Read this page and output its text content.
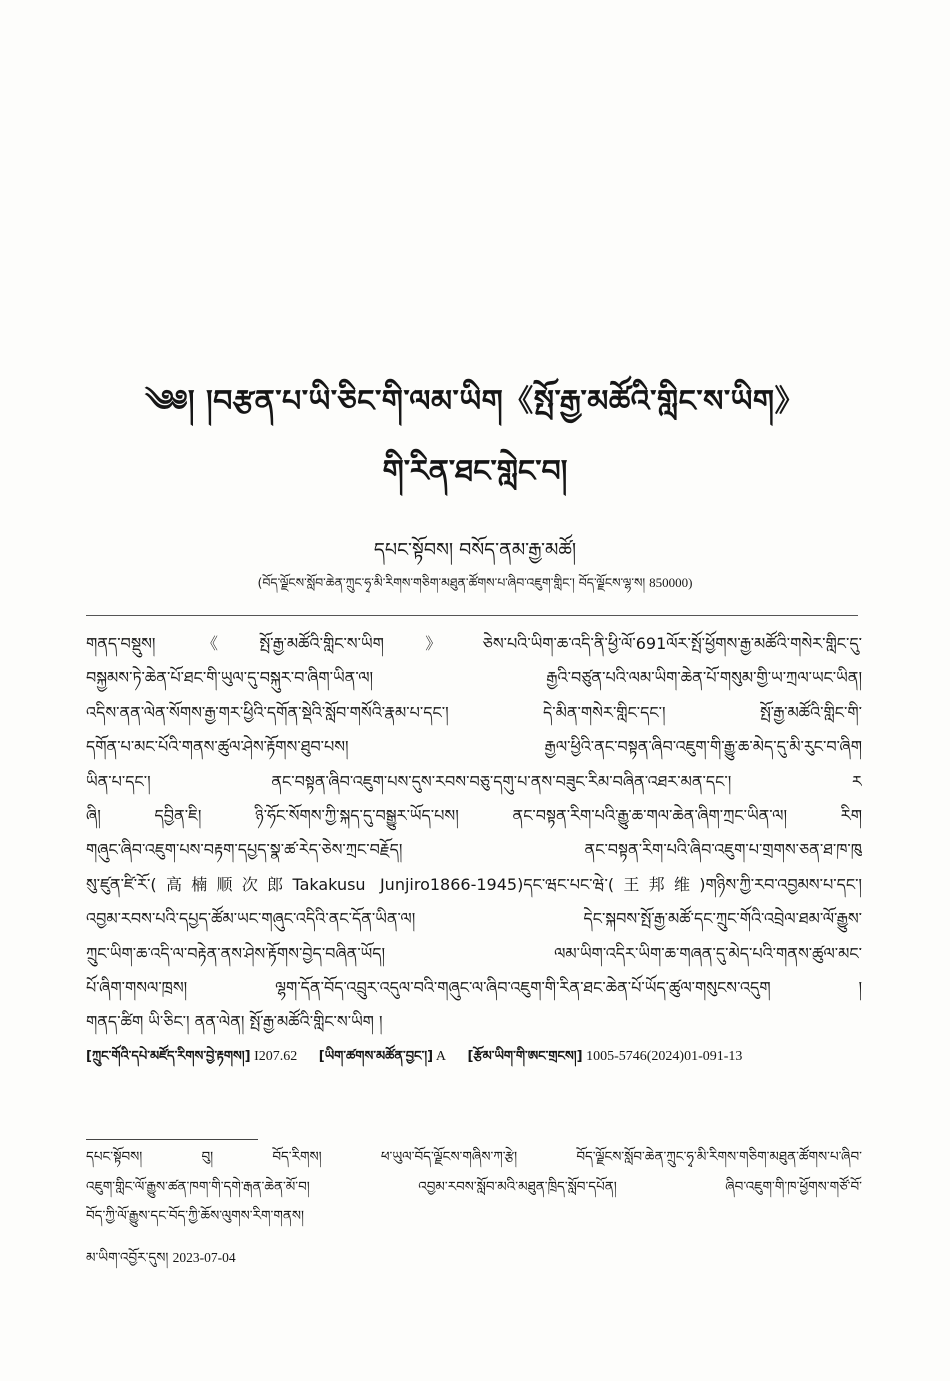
༄༅། །བརྩན་པ་ཡི་ཅིང་གི་ལམ་ཡིག《སྤོ་རྒྱ་མཚོའི་གླིང་ས་ཡིག》
གི་རིན་ཐང་གླེང་བ།
དཔང་སྟོབས། བསོད་ནམ་རྒྱ་མཚོ།
(བོད་ལྗོངས་སློབ་ཆེན་ཀྲུང་ཧྭ་མི་རིགས་གཅིག་མཐུན་ཚོགས་པ་ཞིབ་འཇུག་གླིང་། བོད་ལྗོངས་ལྷ་ས། 850000)
གནད་བསྡུས། 《སྤོ་རྒྱ་མཚོའི་གླིང་ས་ཡིག》ཅེས་པའི་ཡིག་ཆ་འདི་ནི་ཕྱི་ལོ་691ལོར་སྤོ་ཕྱོགས་རྒྱ་མཚོའི་གསེར་གླིང་དུ་
བསྐྱམས་ཏེ་ཆེན་པོ་ཐང་གི་ཡུལ་དུ་བསྐུར་བ་ཞིག་ཡིན་ལ། རྒྱའི་བཙུན་པའི་ལམ་ཡིག་ཆེན་པོ་གསུམ་གྱི་ཡ་ཀྲལ་ཡང་ཡིན།
འདིས་ནན་ལེན་སོགས་རྒྱ་གར་ཕྱིའི་དགོན་སྡེའི་སློབ་གསོའི་རྣམ་པ་དང་། དེ་མིན་གསེར་གླིང་དང་། སྤོ་རྒྱ་མཚོའི་གླིང་གི་
དགོན་པ་མང་པོའི་གནས་ཚུལ་ཤེས་རྟོགས་ཐུབ་པས། རྒྱལ་ཕྱིའི་ནང་བསྟན་ཞིབ་འཇུག་གི་རྒྱུ་ཆ་མེད་དུ་མི་རུང་བ་ཞིག
ཡིན་པ་དང་། ནང་བསྟན་ཞིབ་འཇུག་པས་དུས་རབས་བཅུ་དགུ་པ་ནས་བཟུང་རིམ་བཞིན་འཐར་མན་དང་། ར
ཞི། དབྱིན་ཇི། ཉི་ཧོང་སོགས་ཀྱི་སྐད་དུ་བསྒྱུར་ཡོད་པས། ནང་བསྟན་རིག་པའི་རྒྱུ་ཆ་གལ་ཆེན་ཞིག་ཀྲང་ཡིན་ལ། རིག
གཞུང་ཞིབ་འཇུག་པས་བརྟག་དཔྱད་སྣ་ཚ་རེད་ཅེས་ཀྲང་བརྗོད། ནང་བསྟན་རིག་པའི་ཞིབ་འཇུག་པ་གྲགས་ཅན་ཐ་ཁ་ཁུ
སུ་ཛུན་ཛི་རོ་(高楠顺次郎Takakusu Junjiro1866-1945)དང་ཝང་པང་ཝེ་(王邦维)གཉིས་ཀྱི་རབ་འབྱམས་པ་དང་།
འབྱམ་རབས་པའི་དཔྱད་ཚོམ་ཡང་གཞུང་འདིའི་ནང་དོན་ཡིན་ལ། དེང་སྐབས་སྤོ་རྒྱ་མཚོ་དང་ཀྲུང་གོའི་འབྲེལ་ཐམ་ལོ་རྒྱུས་
ཀྲུང་ཡིག་ཆ་འདི་ལ་བརྟེན་ནས་ཤེས་རྟོགས་བྱེད་བཞིན་ཡོད། ལམ་ཡིག་འདིར་ཡིག་ཆ་གཞན་དུ་མེད་པའི་གནས་ཚུལ་མང་
པོ་ཞིག་གསལ་ཁྲས། ལྷག་དོན་བོད་འབྲུར་འདུལ་བའི་གཞུང་ལ་ཞིབ་འཇུག་གི་རིན་ཐང་ཆེན་པོ་ཡོད་ཚུལ་གསུངས་འདུག །
གནད་ཚིག ཡི་ཅིང་། ནན་ལེན། སྤོ་རྒྱ་མཚོའི་གླིང་ས་ཡིག །
[ཀྲུང་གོའི་དཔེ་མཛོད་རིགས་བྱེ་རྟགས།] I207.62 [ཡིག་ཚགས་མཚོན་བྱང་།] A [རྩོམ་ཡིག་གི་ཨང་གྲངས།] 1005-5746(2024)01-091-13
དཔང་སྟོབས། བུ། བོད་རིགས། ཕ་ཡུལ་བོད་ལྗོངས་གཞིས་ཀ་རྩེ། བོད་ལྗོངས་སློབ་ཆེན་ཀྲུང་ཧྭ་མི་རིགས་གཅིག་མཐུན་ཚོགས་པ་ཞིབ་
འཇུག་གླིང་ལོ་རྒྱུས་ཚན་ཁག་གི་དགེ་རྒན་ཆེན་མོ་བ། འབྱམ་རབས་སློབ་མའི་མཐུན་ཁྲིད་སློབ་དཔོན། ཞིབ་འཇུག་གི་ཁ་ཕྱོགས་གཙོ་བོ་
བོད་ཀྱི་ལོ་རྒྱུས་དང་བོད་ཀྱི་ཆོས་ལུགས་རིག་གནས།
མ་ཡིག་འབྱོར་དུས། 2023-07-04
